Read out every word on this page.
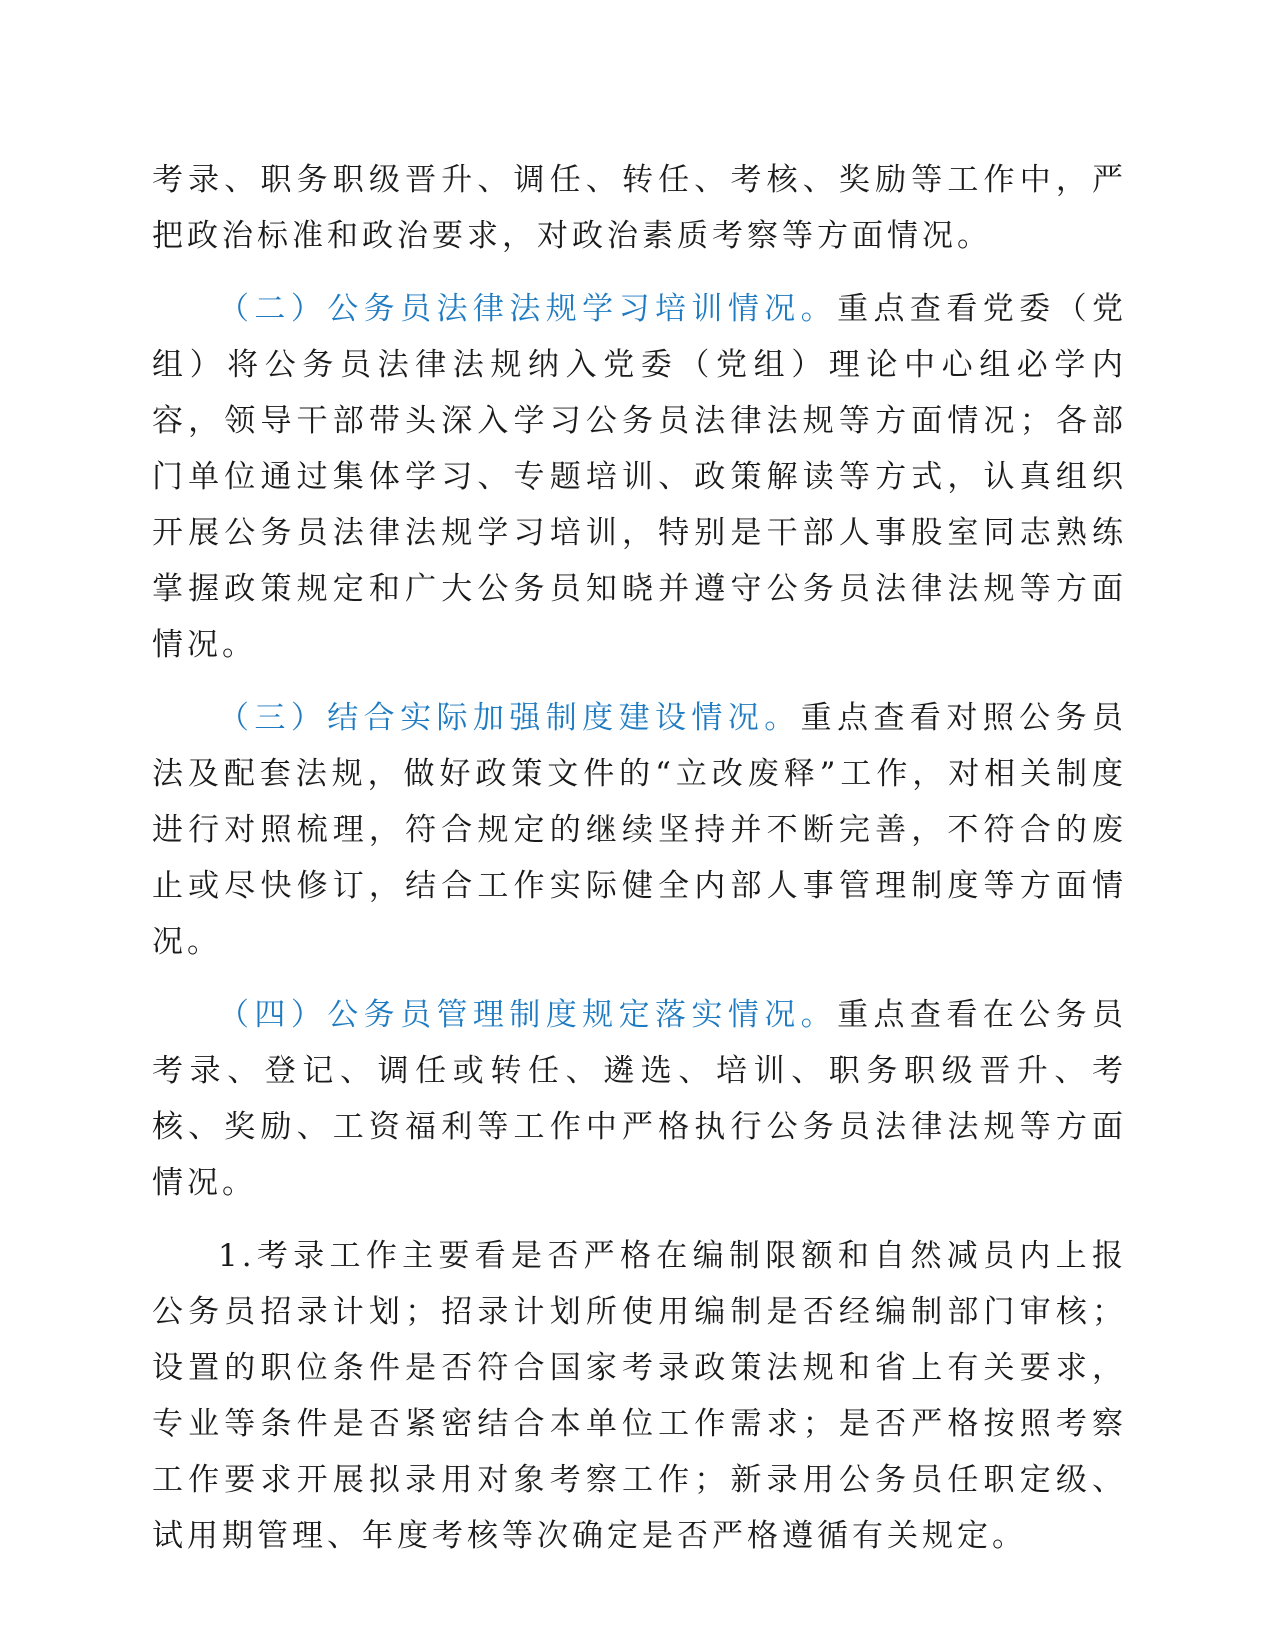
考录、职务职级晋升、调任、转任、考核、奖励等工作中，严把政治标准和政治要求，对政治素质考察等方面情况。

（二）公务员法律法规学习培训情况。重点查看党委（党组）将公务员法律法规纳入党委（党组）理论中心组必学内容，领导干部带头深入学习公务员法律法规等方面情况；各部门单位通过集体学习、专题培训、政策解读等方式，认真组织开展公务员法律法规学习培训，特别是干部人事股室同志熟练掌握政策规定和广大公务员知晓并遵守公务员法律法规等方面情况。

（三）结合实际加强制度建设情况。重点查看对照公务员法及配套法规，做好政策文件的“立改废释”工作，对相关制度进行对照梳理，符合规定的继续坚持并不断完善，不符合的废止或尽快修订，结合工作实际健全内部人事管理制度等方面情况。

（四）公务员管理制度规定落实情况。重点查看在公务员考录、登记、调任或转任、遴选、培训、职务职级晋升、考核、奖励、工资福利等工作中严格执行公务员法律法规等方面情况。

1.考录工作主要看是否严格在编制限额和自然减员内上报公务员招录计划；招录计划所使用编制是否经编制部门审核；设置的职位条件是否符合国家考录政策法规和省上有关要求，专业等条件是否紧密结合本单位工作需求；是否严格按照考察工作要求开展拟录用对象考察工作；新录用公务员任职定级、试用期管理、年度考核等次确定是否严格遵循有关规定。
